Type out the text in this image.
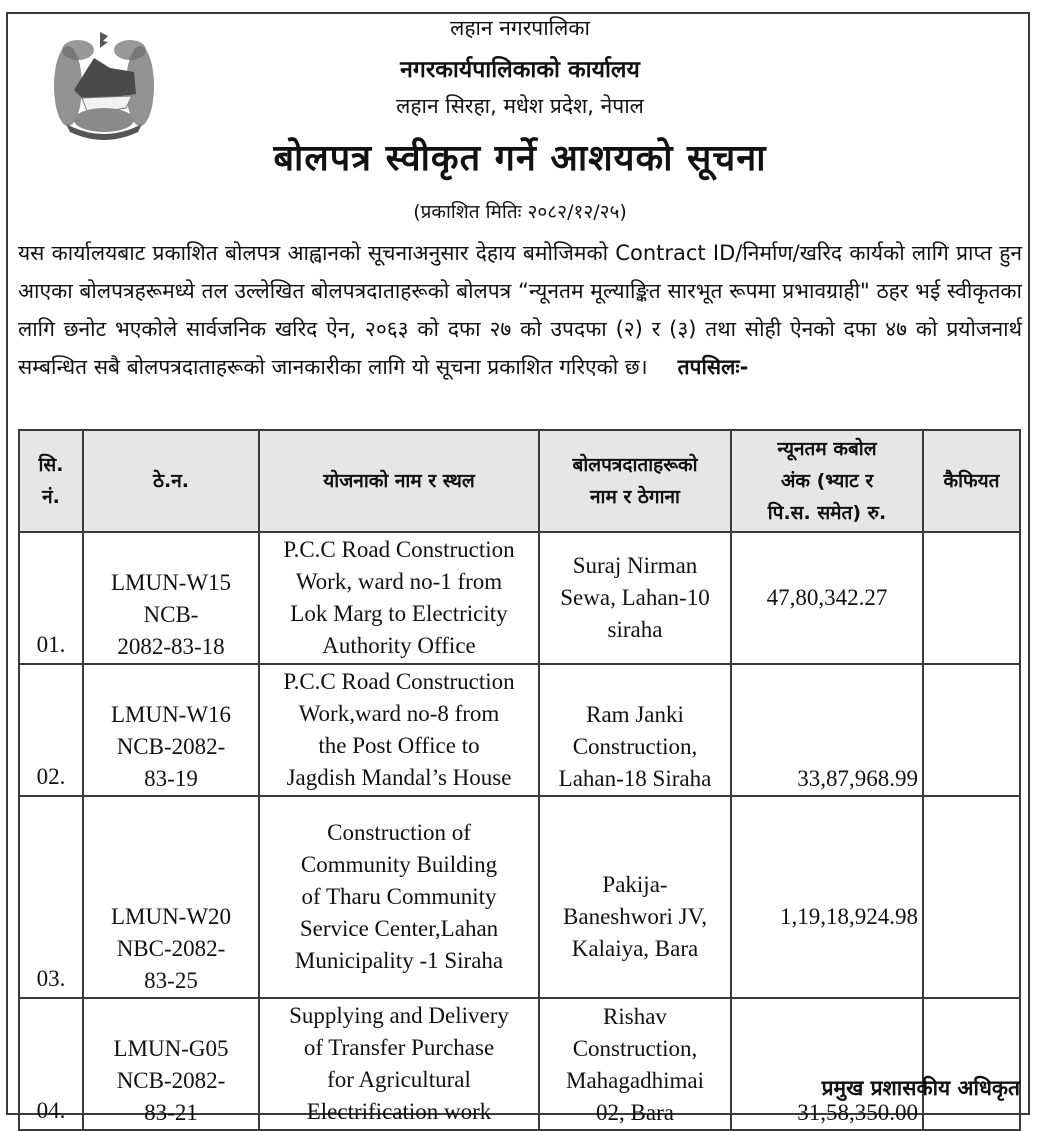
लहान नगरपालिका
नगरकार्यपालिकाको कार्यालय
लहान सिरहा, मधेश प्रदेश, नेपाल
बोलपत्र स्वीकृत गर्ने आशयको सूचना
(प्रकाशित मितिः २०८२/१२/२५)
यस कार्यालयबाट प्रकाशित बोलपत्र आह्वानको सूचनाअनुसार देहाय बमोजिमको Contract ID/निर्माण/खरिद कार्यको लागि प्राप्त हुन आएका बोलपत्रहरूमध्ये तल उल्लेखित बोलपत्रदाताहरूको बोलपत्र “न्यूनतम मूल्याङ्कित सारभूत रूपमा प्रभावग्राही" ठहर भई स्वीकृतका लागि छनोट भएकोले सार्वजनिक खरिद ऐन, २०६३ को दफा २७ को उपदफा (२) र (३) तथा सोही ऐनको दफा ४७ को प्रयोजनार्थ सम्बन्धित सबै बोलपत्रदाताहरूको जानकारीका लागि यो सूचना प्रकाशित गरिएको छ। तपसिलः-
सि.
नं.	ठे.न.	योजनाको नाम र स्थल	बोलपत्रदाताहरूको
नाम र ठेगाना	न्यूनतम कबोल
अंक (भ्याट र
पि.स. समेत) रु.	कैफियत
01.	LMUN-W15
NCB-
2082-83-18	P.C.C Road Construction
Work, ward no-1 from
Lok Marg to Electricity
Authority Office	Suraj Nirman
Sewa, Lahan-10
siraha	47,80,342.27	
02.	LMUN-W16
NCB-2082-
83-19	P.C.C Road Construction
Work,ward no-8 from
the Post Office to
Jagdish Mandal’s House	Ram Janki
Construction,
Lahan-18 Siraha	33,87,968.99	
03.	LMUN-W20
NBC-2082-
83-25	Construction of
Community Building
of Tharu Community
Service Center,Lahan
Municipality -1 Siraha	Pakija-
Baneshwori JV,
Kalaiya, Bara	1,19,18,924.98	
04.	LMUN-G05
NCB-2082-
83-21	Supplying and Delivery
of Transfer Purchase
for Agricultural
Electrification work	Rishav
Construction,
Mahagadhimai
02, Bara	31,58,350.00	
प्रमुख प्रशासकीय अधिकृत
